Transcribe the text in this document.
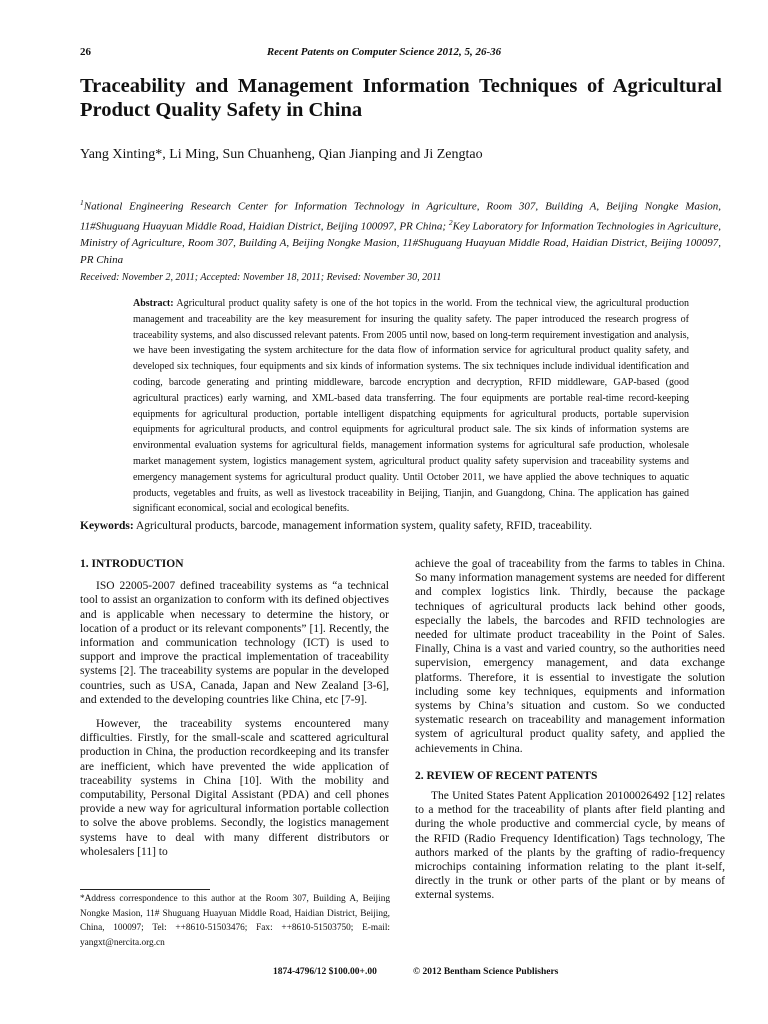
26	Recent Patents on Computer Science 2012, 5, 26-36
Traceability and Management Information Techniques of Agricultural Product Quality Safety in China
Yang Xinting*, Li Ming, Sun Chuanheng, Qian Jianping and Ji Zengtao
$^1$National Engineering Research Center for Information Technology in Agriculture, Room 307, Building A, Beijing Nongke Masion, 11#Shuguang Huayuan Middle Road, Haidian District, Beijing 100097, PR China; $^2$Key Laboratory for Information Technologies in Agriculture, Ministry of Agriculture, Room 307, Building A, Beijing Nongke Masion, 11#Shuguang Huayuan Middle Road, Haidian District, Beijing 100097, PR China
Received: November 2, 2011; Accepted: November 18, 2011; Revised: November 30, 2011
Abstract: Agricultural product quality safety is one of the hot topics in the world. From the technical view, the agricultural production management and traceability are the key measurement for insuring the quality safety. The paper introduced the research progress of traceability systems, and also discussed relevant patents. From 2005 until now, based on long-term requirement investigation and analysis, we have been investigating the system architecture for the data flow of information service for agricultural product quality safety, and developed six techniques, four equipments and six kinds of information systems. The six techniques include individual identification and coding, barcode generating and printing middleware, barcode encryption and decryption, RFID middleware, GAP-based (good agricultural practices) early warning, and XML-based data transferring. The four equipments are portable real-time record-keeping equipments for agricultural production, portable intelligent dispatching equipments for agricultural products, portable supervision equipments for agricultural products, and control equipments for agricultural product sale. The six kinds of information systems are environmental evaluation systems for agricultural fields, management information systems for agricultural safe production, wholesale market management system, logistics management system, agricultural product quality safety supervision and traceability systems and emergency management systems for agricultural product quality. Until October 2011, we have applied the above techniques to aquatic products, vegetables and fruits, as well as livestock traceability in Beijing, Tianjin, and Guangdong, China. The application has gained significant economical, social and ecological benefits.
Keywords: Agricultural products, barcode, management information system, quality safety, RFID, traceability.
1. INTRODUCTION

ISO 22005-2007 defined traceability systems as “a technical tool to assist an organization to conform with its defined objectives and is applicable when necessary to determine the history, or location of a product or its relevant components” [1]. Recently, the information and communication technology (ICT) is used to support and improve the practical implementation of traceability systems [2]. The traceability systems are popular in the developed countries, such as USA, Canada, Japan and New Zealand [3-6], and extended to the developing countries like China, etc [7-9].

However, the traceability systems encountered many difficulties. Firstly, for the small-scale and scattered agricultural production in China, the production recordkeeping and its transfer are inefficient, which have prevented the wide application of traceability systems in China [10]. With the mobility and computability, Personal Digital Assistant (PDA) and cell phones provide a new way for agricultural information portable collection to solve the above problems. Secondly, the logistics management systems have to deal with many different distributors or wholesalers [11] to

achieve the goal of traceability from the farms to tables in China. So many information management systems are needed for different and complex logistics link. Thirdly, because the package techniques of agricultural products lack behind other goods, especially the labels, the barcodes and RFID technologies are needed for ultimate product traceability in the Point of Sales. Finally, China is a vast and varied country, so the authorities need supervision, emergency management, and data exchange platforms. Therefore, it is essential to investigate the solution including some key techniques, equipments and information systems by China’s situation and custom. So we conducted systematic research on traceability and management information system of agricultural product quality safety, and applied the achievements in China.

2. REVIEW OF RECENT PATENTS

The United States Patent Application 20100026492 [12] relates to a method for the traceability of plants after field planting and during the whole productive and commercial cycle, by means of the RFID (Radio Frequency Identification) Tags technology, The authors marked of the plants by the grafting of radio-frequency microchips containing information relating to the plant it-self, directly in the trunk or other parts of the plant or by means of external systems.

*Address correspondence to this author at the Room 307, Building A, Beijing Nongke Masion, 11# Shuguang Huayuan Middle Road, Haidian District, Beijing, China, 100097; Tel: ++8610-51503476; Fax: ++8610-51503750; E-mail: yangxt@nercita.org.cn
1874-4796/12 $100.00+.00	© 2012 Bentham Science Publishers
